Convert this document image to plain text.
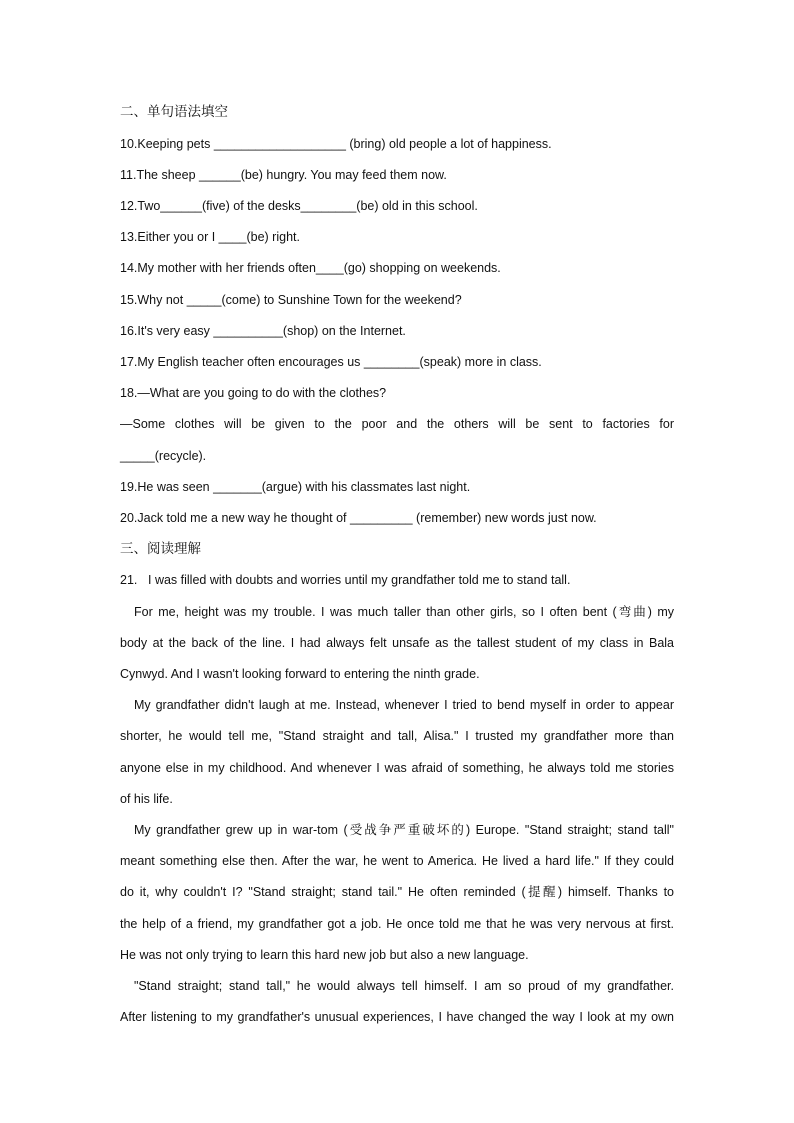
二、单句语法填空
10.Keeping pets ___________________ (bring) old people a lot of happiness.
11.The sheep ______(be) hungry. You may feed them now.
12.Two______(five) of the desks________(be) old in this school.
13.Either you or I ____(be) right.
14.My mother with her friends often____(go) shopping on weekends.
15.Why not _____(come) to Sunshine Town for the weekend?
16.It's very easy __________(shop) on the Internet.
17.My English teacher often encourages us ________(speak) more in class.
18.—What are you going to do with the clothes?
—Some clothes will be given to the poor and the others will be sent to factories for
_____(recycle).
19.He was seen _______(argue) with his classmates last night.
20.Jack told me a new way he thought of _________ (remember) new words just now.
三、阅读理解
21. I was filled with doubts and worries until my grandfather told me to stand tall.
For me, height was my trouble. I was much taller than other girls, so I often bent (弯曲) my
body at the back of the line. I had always felt unsafe as the tallest student of my class in Bala
Cynwyd. And I wasn't looking forward to entering the ninth grade.
My grandfather didn't laugh at me. Instead, whenever I tried to bend myself in order to appear
shorter, he would tell me, "Stand straight and tall, Alisa." I trusted my grandfather more than
anyone else in my childhood. And whenever I was afraid of something, he always told me stories
of his life.
My grandfather grew up in war-tom (受战争严重破坏的) Europe. "Stand straight; stand tall"
meant something else then. After the war, he went to America. He lived a hard life." If they could
do it, why couldn't I? "Stand straight; stand tail." He often reminded (提醒) himself. Thanks to
the help of a friend, my grandfather got a job. He once told me that he was very nervous at first.
He was not only trying to learn this hard new job but also a new language.
"Stand straight; stand tall," he would always tell himself. I am so proud of my grandfather.
After listening to my grandfather's unusual experiences, I have changed the way I look at my own
